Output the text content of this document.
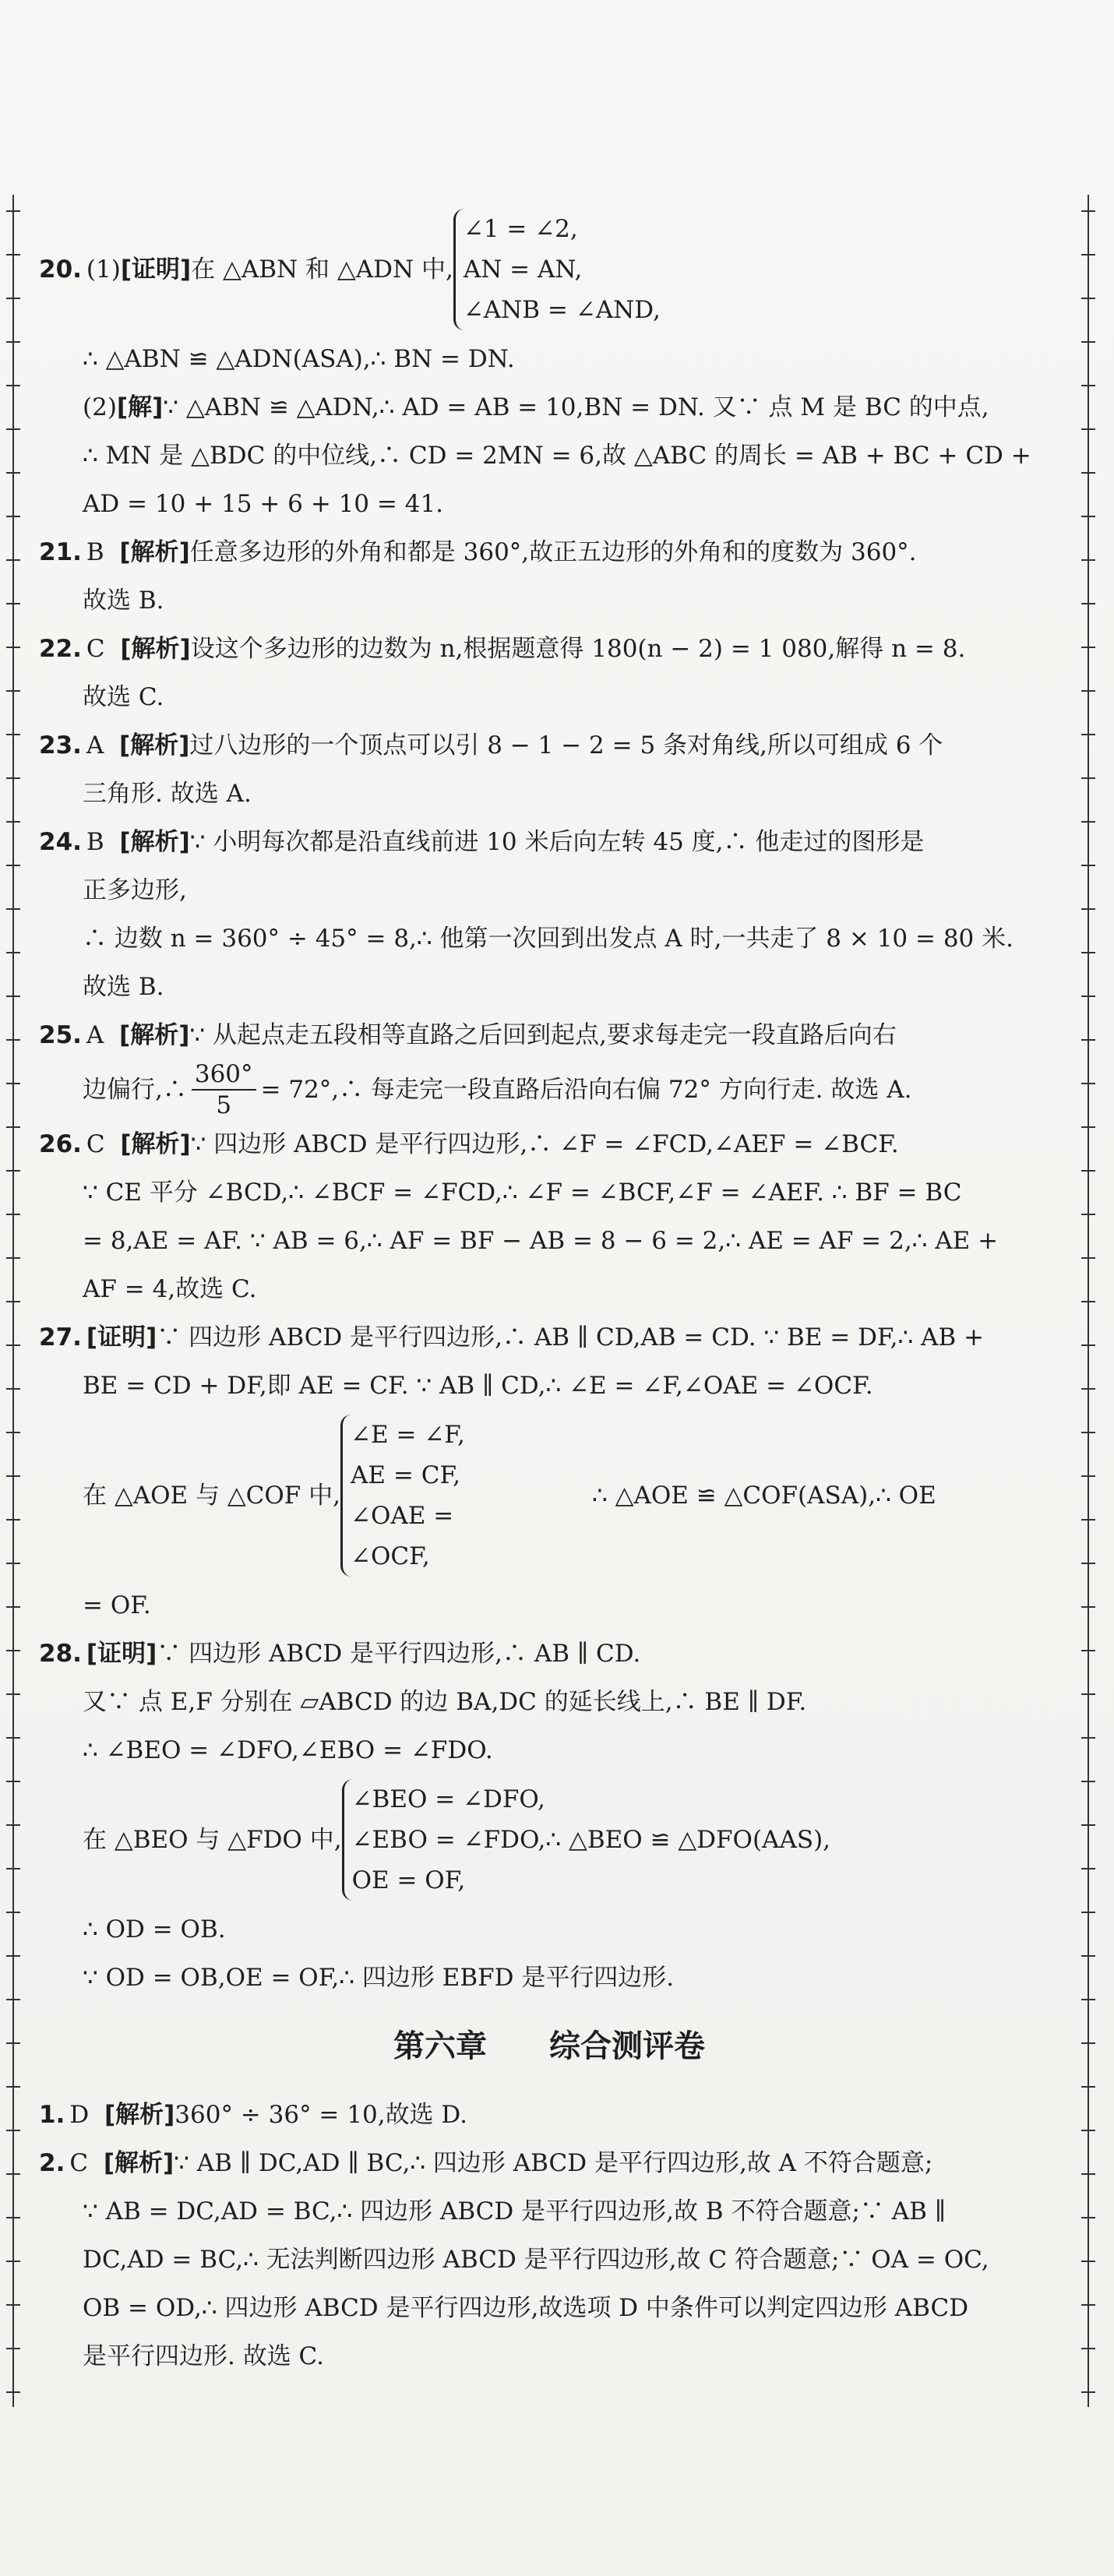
20. (1) [证明] 在 △ABN 和 △ADN 中,
∠1 = ∠2,
AN = AN,
∠ANB = ∠AND,
∴ △ABN ≌ △ADN(ASA),∴ BN = DN.
(2)[解]∵ △ABN ≌ △ADN,∴ AD = AB = 10,BN = DN. 又∵ 点 M 是 BC 的中点,
∴ MN 是 △BDC 的中位线,∴ CD = 2MN = 6,故 △ABC 的周长 = AB + BC + CD +
AD = 10 + 15 + 6 + 10 = 41.
21. B [解析]任意多边形的外角和都是 360°,故正五边形的外角和的度数为 360°.
故选 B.
22. C [解析]设这个多边形的边数为 n,根据题意得 180(n − 2) = 1 080,解得 n = 8.
故选 C.
23. A [解析]过八边形的一个顶点可以引 8 − 1 − 2 = 5 条对角线,所以可组成 6 个
三角形. 故选 A.
24. B [解析]∵ 小明每次都是沿直线前进 10 米后向左转 45 度,∴ 他走过的图形是
正多边形,
∴ 边数 n = 360° ÷ 45° = 8,∴ 他第一次回到出发点 A 时,一共走了 8 × 10 = 80 米.
故选 B.
25. A [解析]∵ 从起点走五段相等直路之后回到起点,要求每走完一段直路后向右
边偏行,∴ $\frac{360^\circ}{5}$ = 72°,∴ 每走完一段直路后沿向右偏 72° 方向行走. 故选 A.
26. C [解析]∵ 四边形 ABCD 是平行四边形,∴ ∠F = ∠FCD,∠AEF = ∠BCF.
∵ CE 平分 ∠BCD,∴ ∠BCF = ∠FCD,∴ ∠F = ∠BCF,∠F = ∠AEF. ∴ BF = BC
= 8,AE = AF. ∵ AB = 6,∴ AF = BF − AB = 8 − 6 = 2,∴ AE = AF = 2,∴ AE +
AF = 4,故选 C.
27. [证明]∵ 四边形 ABCD 是平行四边形,∴ AB ∥ CD,AB = CD. ∵ BE = DF,∴ AB +
BE = CD + DF,即 AE = CF. ∵ AB ∥ CD,∴ ∠E = ∠F,∠OAE = ∠OCF.
在 △AOE 与 △COF 中,
∠E = ∠F,
AE = CF,
∠OAE = ∠OCF,
∴ △AOE ≌ △COF(ASA),∴ OE
= OF.
28. [证明]∵ 四边形 ABCD 是平行四边形,∴ AB ∥ CD.
又∵ 点 E,F 分别在 ▱ABCD 的边 BA,DC 的延长线上,∴ BE ∥ DF.
∴ ∠BEO = ∠DFO,∠EBO = ∠FDO.
在 △BEO 与 △FDO 中,
∠BEO = ∠DFO,
∠EBO = ∠FDO,
OE = OF,
∴ △BEO ≌ △DFO(AAS),
∴ OD = OB.
∵ OD = OB,OE = OF,∴ 四边形 EBFD 是平行四边形.
第六章　　综合测评卷
1. D [解析]360° ÷ 36° = 10,故选 D.
2. C [解析]∵ AB ∥ DC,AD ∥ BC,∴ 四边形 ABCD 是平行四边形,故 A 不符合题意;
∵ AB = DC,AD = BC,∴ 四边形 ABCD 是平行四边形,故 B 不符合题意;∵ AB ∥
DC,AD = BC,∴ 无法判断四边形 ABCD 是平行四边形,故 C 符合题意;∵ OA = OC,
OB = OD,∴ 四边形 ABCD 是平行四边形,故选项 D 中条件可以判定四边形 ABCD
是平行四边形. 故选 C.
